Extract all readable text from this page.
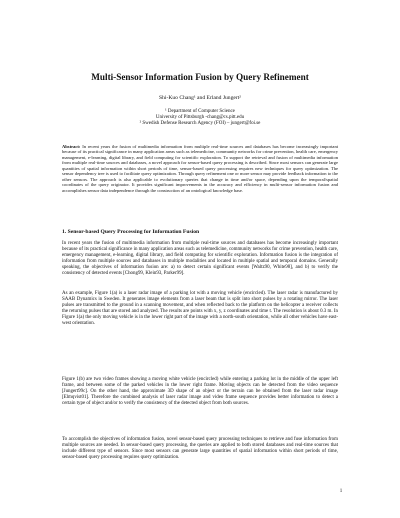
Multi-Sensor Information Fusion by Query Refinement
Shi-Kuo Chang¹ and Erland Jungert²
¹ Department of Computer Science
University of Pittsburgh -chang@cs.pitt.edu
² Swedish Defense Research Agency (FOI) – jungert@foi.se
Abstract: In recent years the fusion of multimedia information from multiple real-time sources and databases has become increasingly important because of its practical significance in many application areas such as telemedicine, community networks for crime prevention, health care, emergency management, e-learning, digital library, and field computing for scientific exploration. To support the retrieval and fusion of multimedia information from multiple real-time sources and databases, a novel approach for sensor-based query processing is described. Since most sensors can generate large quantities of spatial information within short periods of time, sensor-based query processing requires new techniques for query optimization. The sensor dependency tree is used to facilitate query optimization. Through query refinement one or more sensor may provide feedback information to the other sensors. The approach is also applicable to evolutionary queries that change in time and/or space, depending upon the temporal/spatial coordinates of the query originator. It provides significant improvements in the accuracy and efficiency in multi-sensor information fusion and accomplishes sensor data independence through the construction of an ontological knowledge base.
1. Sensor-based Query Processing for Information Fusion

In recent years the fusion of multimedia information from multiple real-time sources and databases has become increasingly important because of its practical significance in many application areas such as telemedicine, community networks for crime prevention, health care, emergency management, e-learning, digital library, and field computing for scientific exploration. Information fusion is the integration of information from multiple sources and databases in multiple modalities and located in multiple spatial and temporal domains. Generally speaking, the objectives of information fusion are: a) to detect certain significant events [Waltz90, White98], and b) to verify the consistency of detected events [Chong99, Klein93, Parker99].

As an example, Figure 1(a) is a laser radar image of a parking lot with a moving vehicle (encircled). The laser radar is manufactured by SAAB Dynamics in Sweden. It generates image elements from a laser beam that is split into short pulses by a rotating mirror. The laser pulses are transmitted to the ground in a scanning movement, and when reflected back to the platform on the helicopter a receiver collects the returning pulses that are stored and analyzed. The results are points with x, y, z coordinates and time t. The resolution is about 0.3 m. In Figure 1(a) the only moving vehicle is in the lower right part of the image with a north-south orientation, while all other vehicles have east-west orientation.

Figure 1(b) are two video frames showing a moving white vehicle (encircled) while entering a parking lot in the middle of the upper left frame, and between some of the parked vehicles in the lower right frame. Moving objects can be detected from the video sequence [Jungert99c]. On the other hand, the approximate 3D shape of an object or the terrain can be obtained from the laser radar image [Elmqvist01]. Therefore the combined analysis of laser radar image and video frame sequence provides better information to detect a certain type of object and/or to verify the consistency of the detected object from both sources.

To accomplish the objectives of information fusion, novel sensor-based query processing techniques to retrieve and fuse information from multiple sources are needed. In sensor-based query processing, the queries are applied to both stored databases and real-time sources that include different type of sensors. Since most sensors can generate large quantities of spatial information within short periods of time, sensor-based query processing requires query optimization.

1
